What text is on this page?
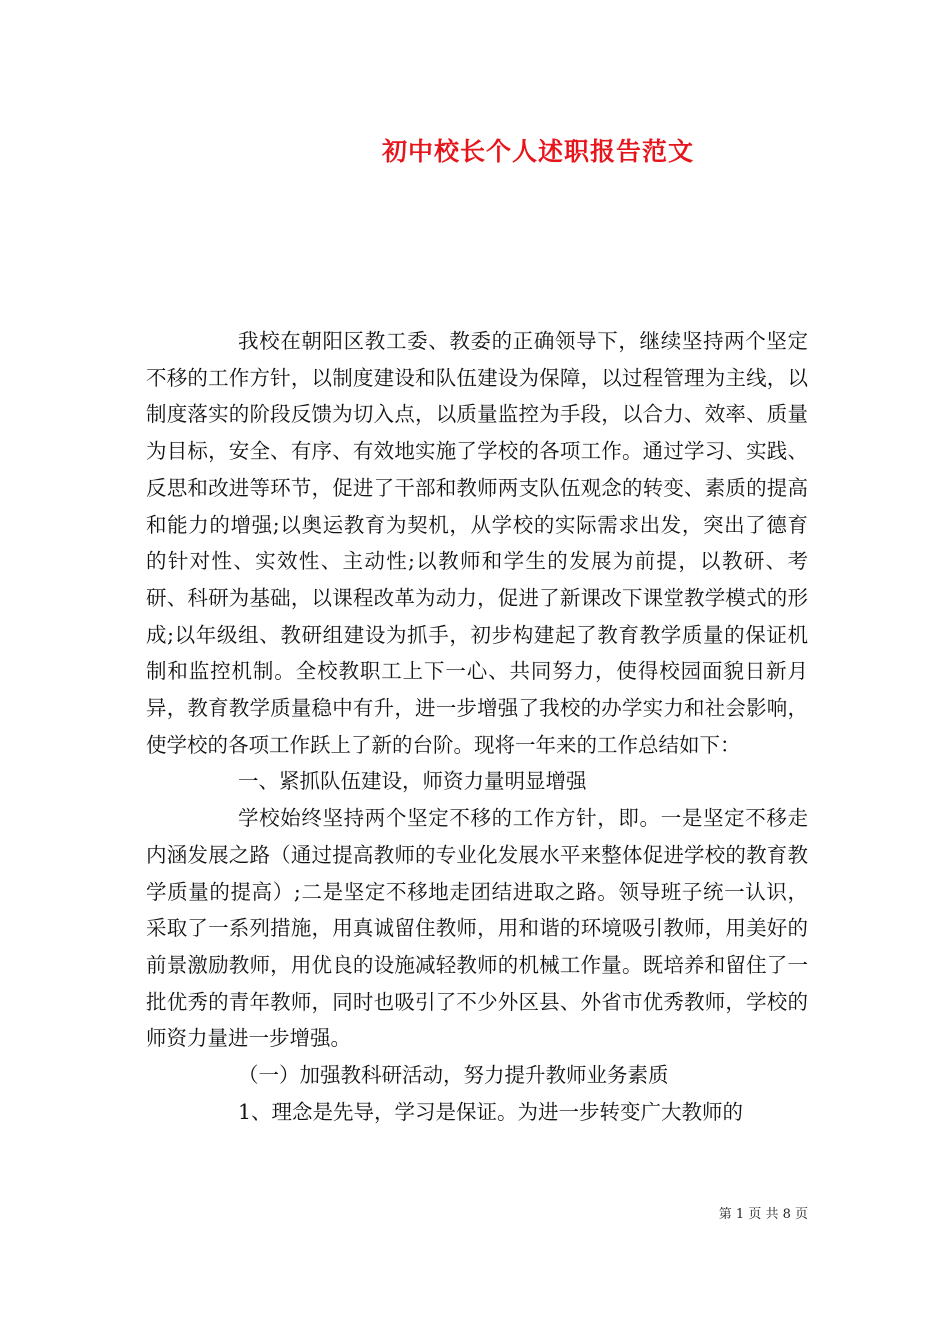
初中校长个人述职报告范文

我校在朝阳区教工委、教委的正确领导下，继续坚持两个坚定不移的工作方针，以制度建设和队伍建设为保障，以过程管理为主线，以制度落实的阶段反馈为切入点，以质量监控为手段，以合力、效率、质量为目标，安全、有序、有效地实施了学校的各项工作。通过学习、实践、反思和改进等环节，促进了干部和教师两支队伍观念的转变、素质的提高和能力的增强;以奥运教育为契机，从学校的实际需求出发，突出了德育的针对性、实效性、主动性;以教师和学生的发展为前提，以教研、考研、科研为基础，以课程改革为动力，促进了新课改下课堂教学模式的形成;以年级组、教研组建设为抓手，初步构建起了教育教学质量的保证机制和监控机制。全校教职工上下一心、共同努力，使得校园面貌日新月异，教育教学质量稳中有升，进一步增强了我校的办学实力和社会影响，使学校的各项工作跃上了新的台阶。现将一年来的工作总结如下：

一、紧抓队伍建设，师资力量明显增强

学校始终坚持两个坚定不移的工作方针，即。一是坚定不移走内涵发展之路（通过提高教师的专业化发展水平来整体促进学校的教育教学质量的提高）;二是坚定不移地走团结进取之路。领导班子统一认识，采取了一系列措施，用真诚留住教师，用和谐的环境吸引教师，用美好的前景激励教师，用优良的设施减轻教师的机械工作量。既培养和留住了一批优秀的青年教师，同时也吸引了不少外区县、外省市优秀教师，学校的师资力量进一步增强。

（一）加强教科研活动，努力提升教师业务素质

1、理念是先导，学习是保证。为进一步转变广大教师的

第 1 页 共 8 页
